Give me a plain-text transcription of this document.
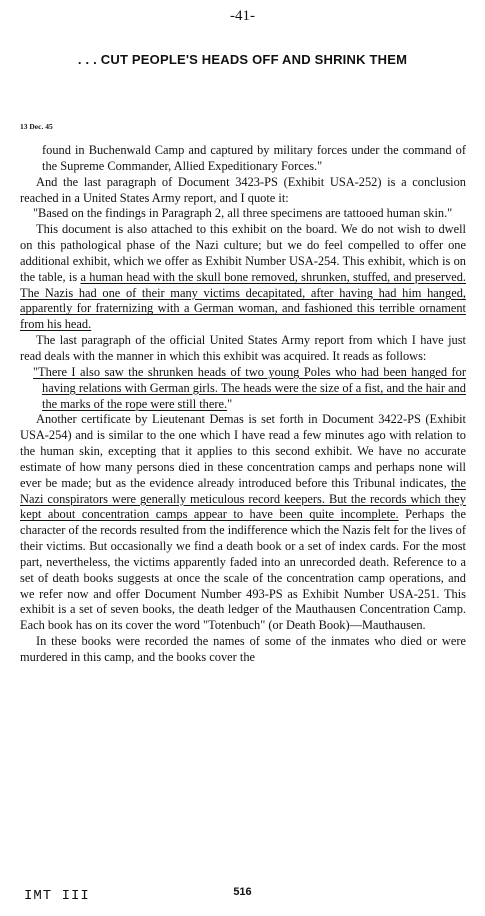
-41-
. . . CUT PEOPLE'S HEADS OFF AND SHRINK THEM
13 Dec. 45

found in Buchenwald Camp and captured by military forces under the command of the Supreme Commander, Allied Expeditionary Forces."

And the last paragraph of Document 3423-PS (Exhibit USA-252) is a conclusion reached in a United States Army report, and I quote it:

"Based on the findings in Paragraph 2, all three specimens are tattooed human skin."

This document is also attached to this exhibit on the board. We do not wish to dwell on this pathological phase of the Nazi culture; but we do feel compelled to offer one additional exhibit, which we offer as Exhibit Number USA-254. This exhibit, which is on the table, is a human head with the skull bone removed, shrunken, stuffed, and preserved. The Nazis had one of their many victims decapitated, after having had him hanged, apparently for fraternizing with a German woman, and fashioned this terrible ornament from his head.

The last paragraph of the official United States Army report from which I have just read deals with the manner in which this exhibit was acquired. It reads as follows:

"There I also saw the shrunken heads of two young Poles who had been hanged for having relations with German girls. The heads were the size of a fist, and the hair and the marks of the rope were still there."

Another certificate by Lieutenant Demas is set forth in Document 3422-PS (Exhibit USA-254) and is similar to the one which I have read a few minutes ago with relation to the human skin, excepting that it applies to this second exhibit. We have no accurate estimate of how many persons died in these concentration camps and perhaps none will ever be made; but as the evidence already introduced before this Tribunal indicates, the Nazi conspirators were generally meticulous record keepers. But the records which they kept about concentration camps appear to have been quite incomplete. Perhaps the character of the records resulted from the indifference which the Nazis felt for the lives of their victims. But occasionally we find a death book or a set of index cards. For the most part, nevertheless, the victims apparently faded into an unrecorded death. Reference to a set of death books suggests at once the scale of the concentration camp operations, and we refer now and offer Document Number 493-PS as Exhibit Number USA-251. This exhibit is a set of seven books, the death ledger of the Mauthausen Concentration Camp. Each book has on its cover the word "Totenbuch" (or Death Book)—Mauthausen.

In these books were recorded the names of some of the inmates who died or were murdered in this camp, and the books cover the

IMT III	516
